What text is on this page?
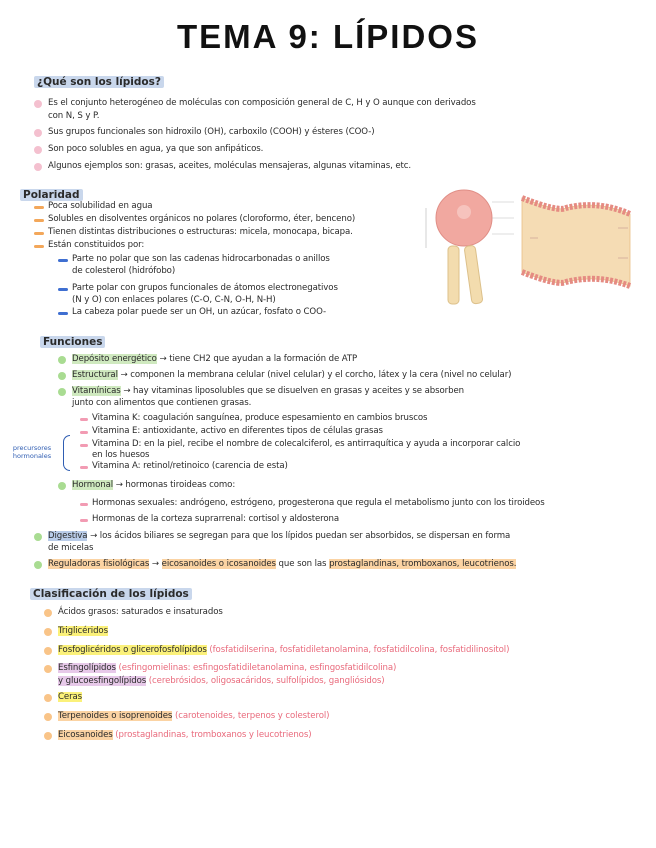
TEMA 9: LÍPIDOS
¿Qué son los lípidos?
Es el conjunto heterogéneo de moléculas con composición general de C, H y O aunque con derivados
con N, S y P.
Sus grupos funcionales son hidroxilo (OH), carboxilo (COOH) y ésteres (COO-)
Son poco solubles en agua, ya que son anfipáticos.
Algunos ejemplos son: grasas, aceites, moléculas mensajeras, algunas vitaminas, etc.
Polaridad
Poca solubilidad en agua
Solubles en disolventes orgánicos no polares (cloroformo, éter, benceno)
Tienen distintas distribuciones o estructuras: micela, monocapa, bicapa.
Están constituidos por:
Parte no polar que son las cadenas hidrocarbonadas o anillos
de colesterol (hidrófobo)
Parte polar con grupos funcionales de átomos electronegativos
(N y O) con enlaces polares (C-O, C-N, O-H, N-H)
La cabeza polar puede ser un OH, un azúcar, fosfato o COO-
Funciones
Depósito energético → tiene CH2 que ayudan a la formación de ATP
Estructural → componen la membrana celular (nivel celular) y el corcho, látex y la cera (nivel no celular)
Vitamínicas → hay vitaminas liposolubles que se disuelven en grasas y aceites y se absorben
junto con alimentos que contienen grasas.
Vitamina K: coagulación sanguínea, produce espesamiento en cambios bruscos
Vitamina E: antioxidante, activo en diferentes tipos de células grasas
Vitamina D: en la piel, recibe el nombre de colecalciferol, es antirraquítica y ayuda a incorporar calcio
en los huesos
Vitamina A: retinol/retinoico (carencia de esta)
precursores
hormonales
Hormonal → hormonas tiroideas como:
Hormonas sexuales: andrógeno, estrógeno, progesterona que regula el metabolismo junto con los tiroideos
Hormonas de la corteza suprarrenal: cortisol y aldosterona
Digestiva → los ácidos biliares se segregan para que los lípidos puedan ser absorbidos, se dispersan en forma
de micelas
Reguladoras fisiológicas → eicosanoides o icosanoides que son las prostaglandinas, tromboxanos, leucotrienos.
Clasificación de los lípidos
Ácidos grasos: saturados e insaturados
Triglicéridos
Fosfoglicéridos o glicerofosfolípidos (fosfatidilserina, fosfatidiletanolamina, fosfatidilcolina, fosfatidilinositol)
Esfingolípidos (esfingomielinas: esfingosfatidiletanolamina, esfingosfatidilcolina)
y glucoesfingolípidos (cerebrósidos, oligosacáridos, sulfolípidos, gangliósidos)
Ceras
Terpenoides o isoprenoides (carotenoides, terpenos y colesterol)
Eicosanoides (prostaglandinas, tromboxanos y leucotrienos)
